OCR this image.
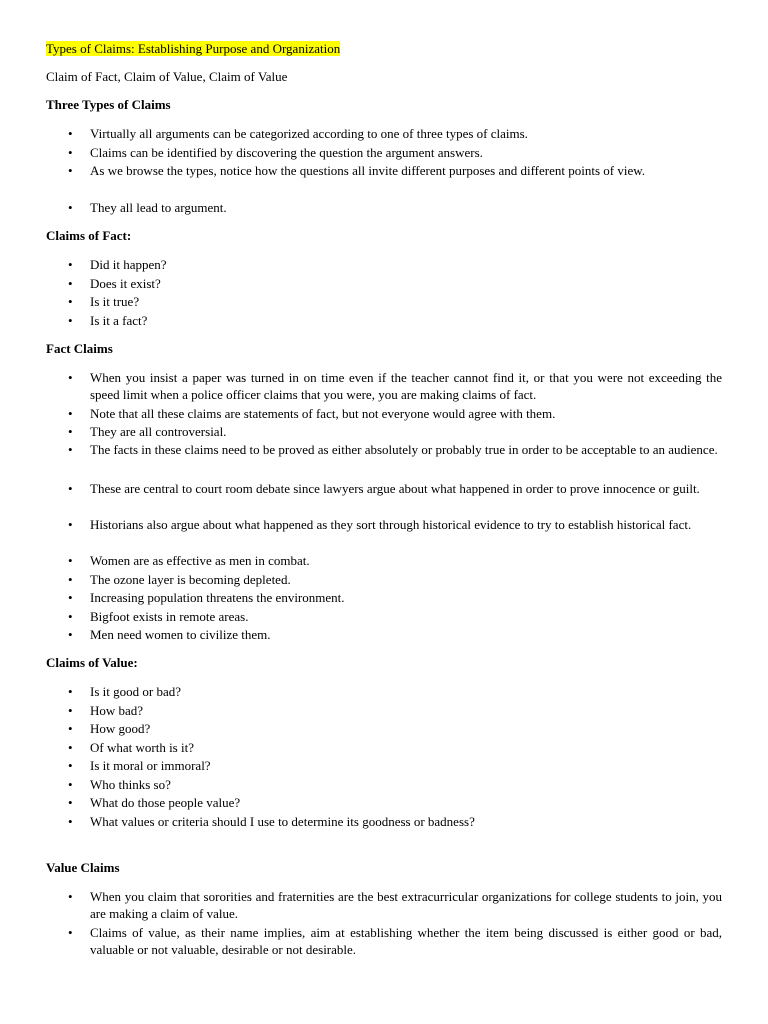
Types of Claims: Establishing Purpose and Organization

Claim of Fact, Claim of Value, Claim of Value

Three Types of Claims

• Virtually all arguments can be categorized according to one of three types of claims.
• Claims can be identified by discovering the question the argument answers.
• As we browse the types, notice how the questions all invite different purposes and different points of view.
• They all lead to argument.

Claims of Fact:

• Did it happen?
• Does it exist?
• Is it true?
• Is it a fact?

Fact Claims

• When you insist a paper was turned in on time even if the teacher cannot find it, or that you were not exceeding the speed limit when a police officer claims that you were, you are making claims of fact.
• Note that all these claims are statements of fact, but not everyone would agree with them.
• They are all controversial.
• The facts in these claims need to be proved as either absolutely or probably true in order to be acceptable to an audience.
• These are central to court room debate since lawyers argue about what happened in order to prove innocence or guilt.
• Historians also argue about what happened as they sort through historical evidence to try to establish historical fact.
• Women are as effective as men in combat.
• The ozone layer is becoming depleted.
• Increasing population threatens the environment.
• Bigfoot exists in remote areas.
• Men need women to civilize them.

Claims of Value:

• Is it good or bad?
• How bad?
• How good?
• Of what worth is it?
• Is it moral or immoral?
• Who thinks so?
• What do those people value?
• What values or criteria should I use to determine its goodness or badness?

Value Claims

• When you claim that sororities and fraternities are the best extracurricular organizations for college students to join, you are making a claim of value.
• Claims of value, as their name implies, aim at establishing whether the item being discussed is either good or bad, valuable or not valuable, desirable or not desirable.
